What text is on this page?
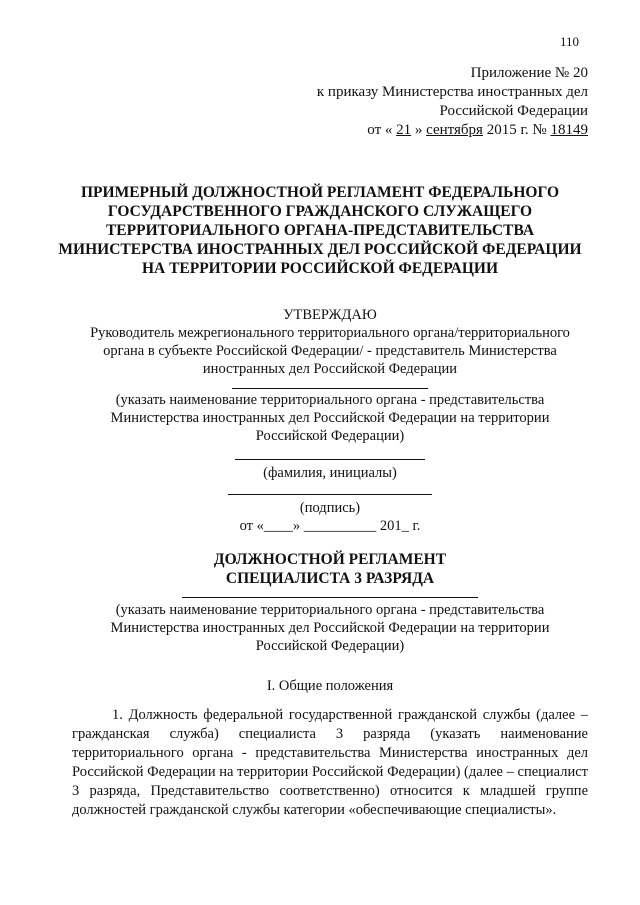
110
Приложение № 20
к приказу Министерства иностранных дел
Российской Федерации
от « 21 » сентября 2015 г. № 18149
ПРИМЕРНЫЙ ДОЛЖНОСТНОЙ РЕГЛАМЕНТ ФЕДЕРАЛЬНОГО
ГОСУДАРСТВЕННОГО ГРАЖДАНСКОГО СЛУЖАЩЕГО
ТЕРРИТОРИАЛЬНОГО ОРГАНА-ПРЕДСТАВИТЕЛЬСТВА
МИНИСТЕРСТВА ИНОСТРАННЫХ ДЕЛ РОССИЙСКОЙ ФЕДЕРАЦИИ
НА ТЕРРИТОРИИ РОССИЙСКОЙ ФЕДЕРАЦИИ
УТВЕРЖДАЮ
Руководитель межрегионального территориального органа/территориального
органа в субъекте Российской Федерации/ - представитель Министерства
иностранных дел Российской Федерации
(указать наименование территориального органа - представительства
Министерства иностранных дел Российской Федерации на территории
Российской Федерации)
(фамилия, инициалы)
(подпись)
от «____» __________ 201_ г.
ДОЛЖНОСТНОЙ РЕГЛАМЕНТ
СПЕЦИАЛИСТА 3 РАЗРЯДА
(указать наименование территориального органа - представительства
Министерства иностранных дел Российской Федерации на территории
Российской Федерации)
I. Общие положения
1. Должность федеральной государственной гражданской службы (далее – гражданская служба) специалиста 3 разряда (указать наименование территориального органа - представительства Министерства иностранных дел Российской Федерации на территории Российской Федерации) (далее – специалист 3 разряда, Представительство соответственно) относится к младшей группе должностей гражданской службы категории «обеспечивающие специалисты».
